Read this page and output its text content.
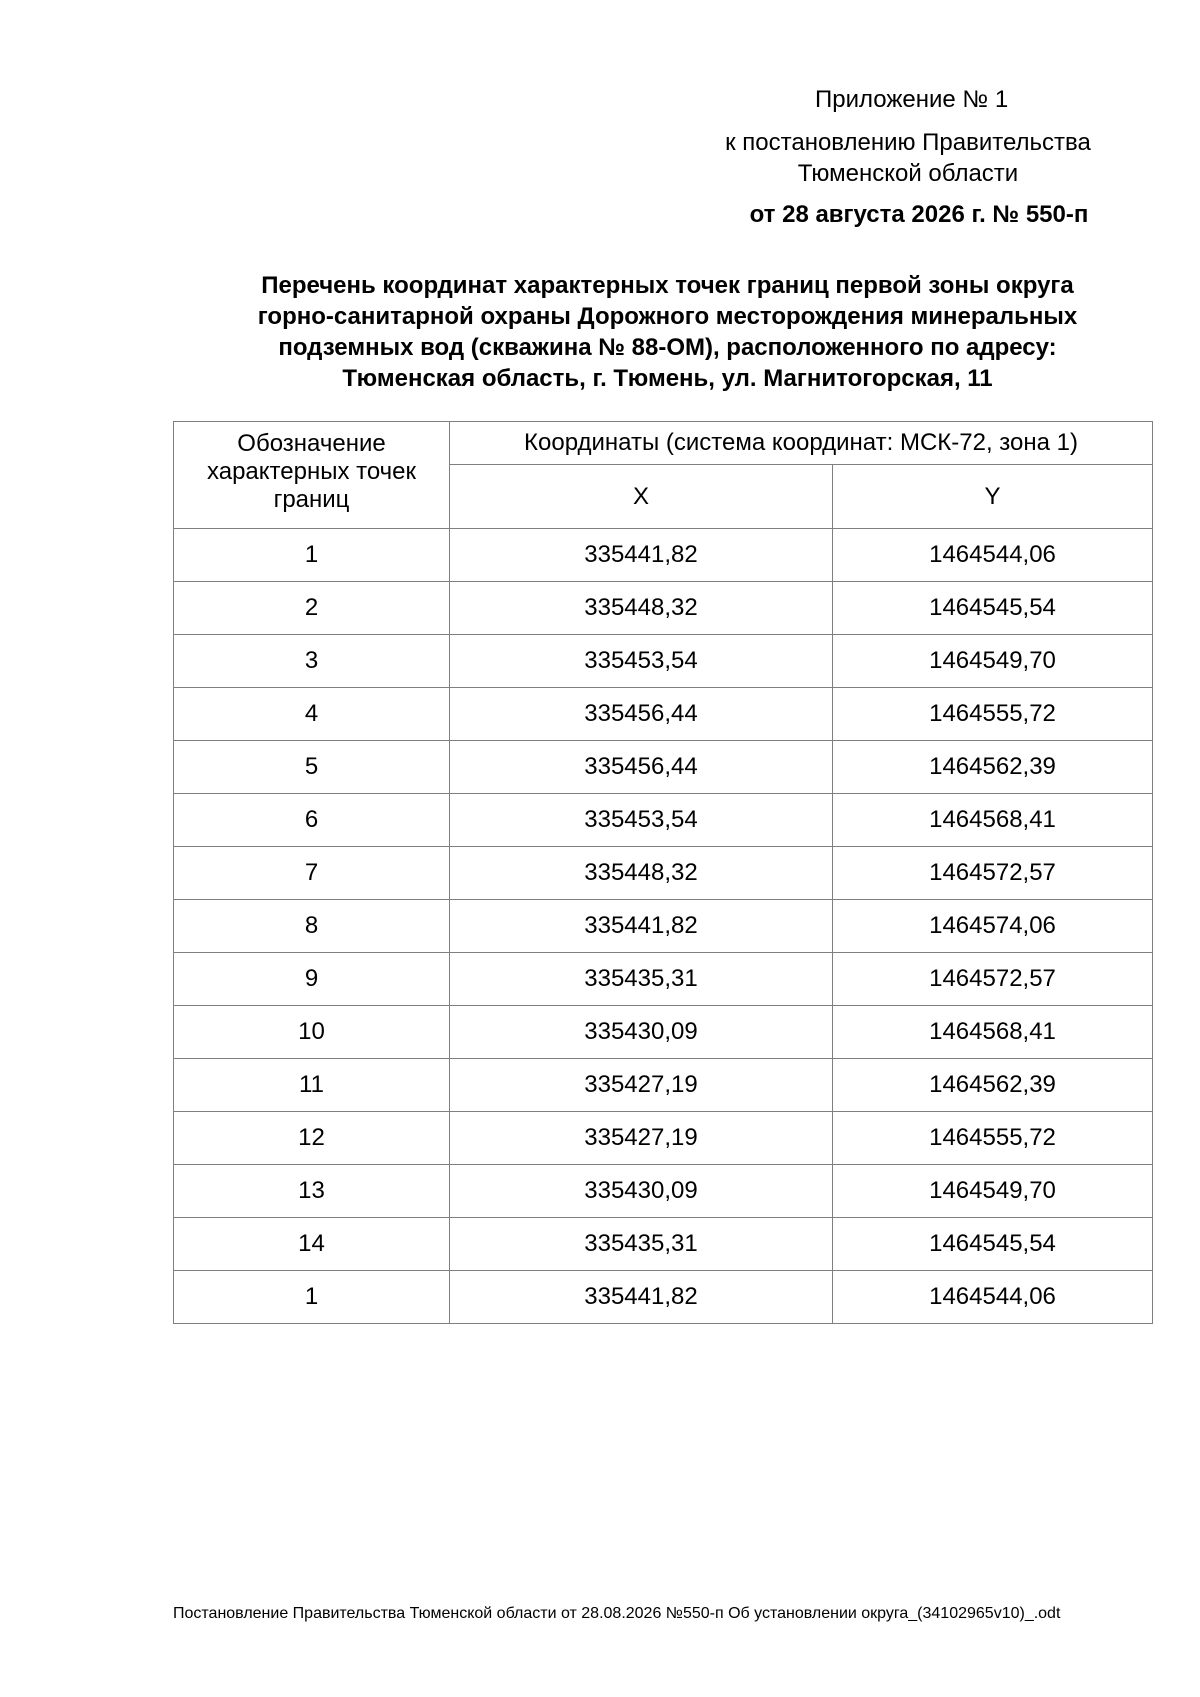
Приложение № 1
к постановлению Правительства
Тюменской области
от 28 августа 2026 г. № 550-п
Перечень координат характерных точек границ первой зоны округа
горно-санитарной охраны Дорожного месторождения минеральных
подземных вод (скважина № 88-ОМ), расположенного по адресу:
Тюменская область, г. Тюмень, ул. Магнитогорская, 11
Обозначение
характерных точек
границ	Координаты (система координат: МСК-72, зона 1)	
	X	Y
1	335441,82	1464544,06
2	335448,32	1464545,54
3	335453,54	1464549,70
4	335456,44	1464555,72
5	335456,44	1464562,39
6	335453,54	1464568,41
7	335448,32	1464572,57
8	335441,82	1464574,06
9	335435,31	1464572,57
10	335430,09	1464568,41
11	335427,19	1464562,39
12	335427,19	1464555,72
13	335430,09	1464549,70
14	335435,31	1464545,54
1	335441,82	1464544,06
Постановление Правительства Тюменской области от 28.08.2026 №550-п Об установлении округа_(34102965v10)_.odt
